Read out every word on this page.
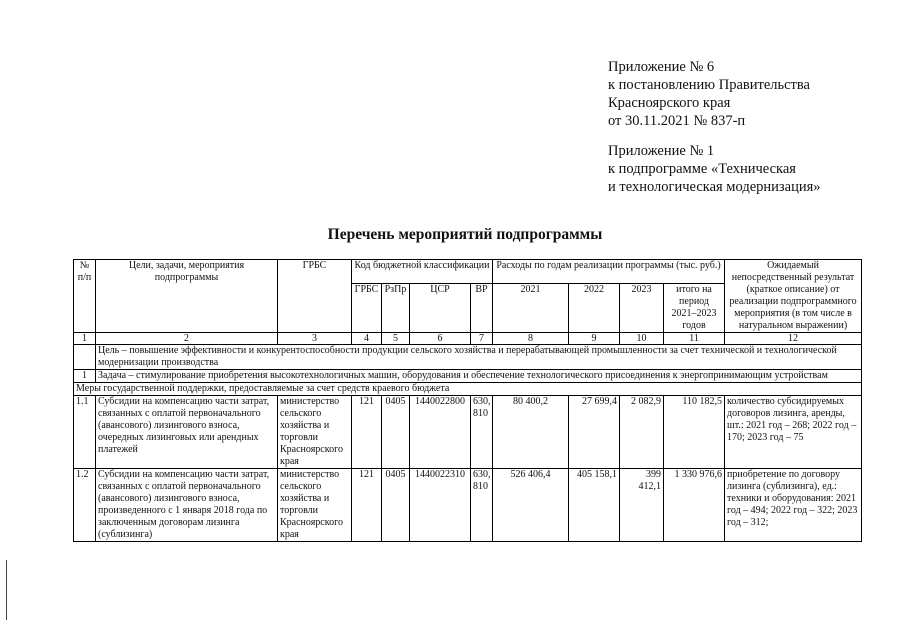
Приложение № 6
к постановлению Правительства
Красноярского края
от 30.11.2021 № 837-п
Приложение № 1
к подпрограмме «Техническая
и технологическая модернизация»
Перечень мероприятий подпрограммы
№ п/п	Цели, задачи, мероприятия подпрограммы	ГРБС	Код бюджетной классификации				Расходы по годам реализации программы (тыс. руб.)				Ожидаемый непосредственный результат (краткое описание) от реализации подпрограммного мероприятия (в том числе в натуральном выражении)
			ГРБС	РзПр	ЦСР	ВР	2021	2022	2023	итого на период 2021–2023 годов	
1	2	3	4	5	6	7	8	9	10	11	12
	Цель – повышение эффективности и конкурентоспособности продукции сельского хозяйства и перерабатывающей промышленности за счет технической и технологической модернизации производства										
1	Задача – стимулирование приобретения высокотехнологичных машин, оборудования и обеспечение технологического присоединения к энергопринимающим устройствам										
Меры государственной поддержки, предоставляемые за счет средств краевого бюджета											
1.1	Субсидии на компенсацию части затрат, связанных с оплатой первоначального (авансового) лизингового взноса, очередных лизинговых или арендных платежей	министерство сельского хозяйства и торговли Красноярского края	121	0405	1440022800	630, 810	80 400,2	27 699,4	2 082,9	110 182,5	количество субсидируемых договоров лизинга, аренды, шт.: 2021 год – 268; 2022 год – 170; 2023 год – 75
1.2	Субсидии на компенсацию части затрат, связанных с оплатой первоначального (авансового) лизингового взноса, произведенного с 1 января 2018 года по заключенным договорам лизинга (сублизинга)	министерство сельского хозяйства и торговли Красноярского края	121	0405	1440022310	630, 810	526 406,4	405 158,1	399 412,1	1 330 976,6	приобретение по договору лизинга (сублизинга), ед.: техники и оборудования: 2021 год – 494; 2022 год – 322; 2023 год – 312;
